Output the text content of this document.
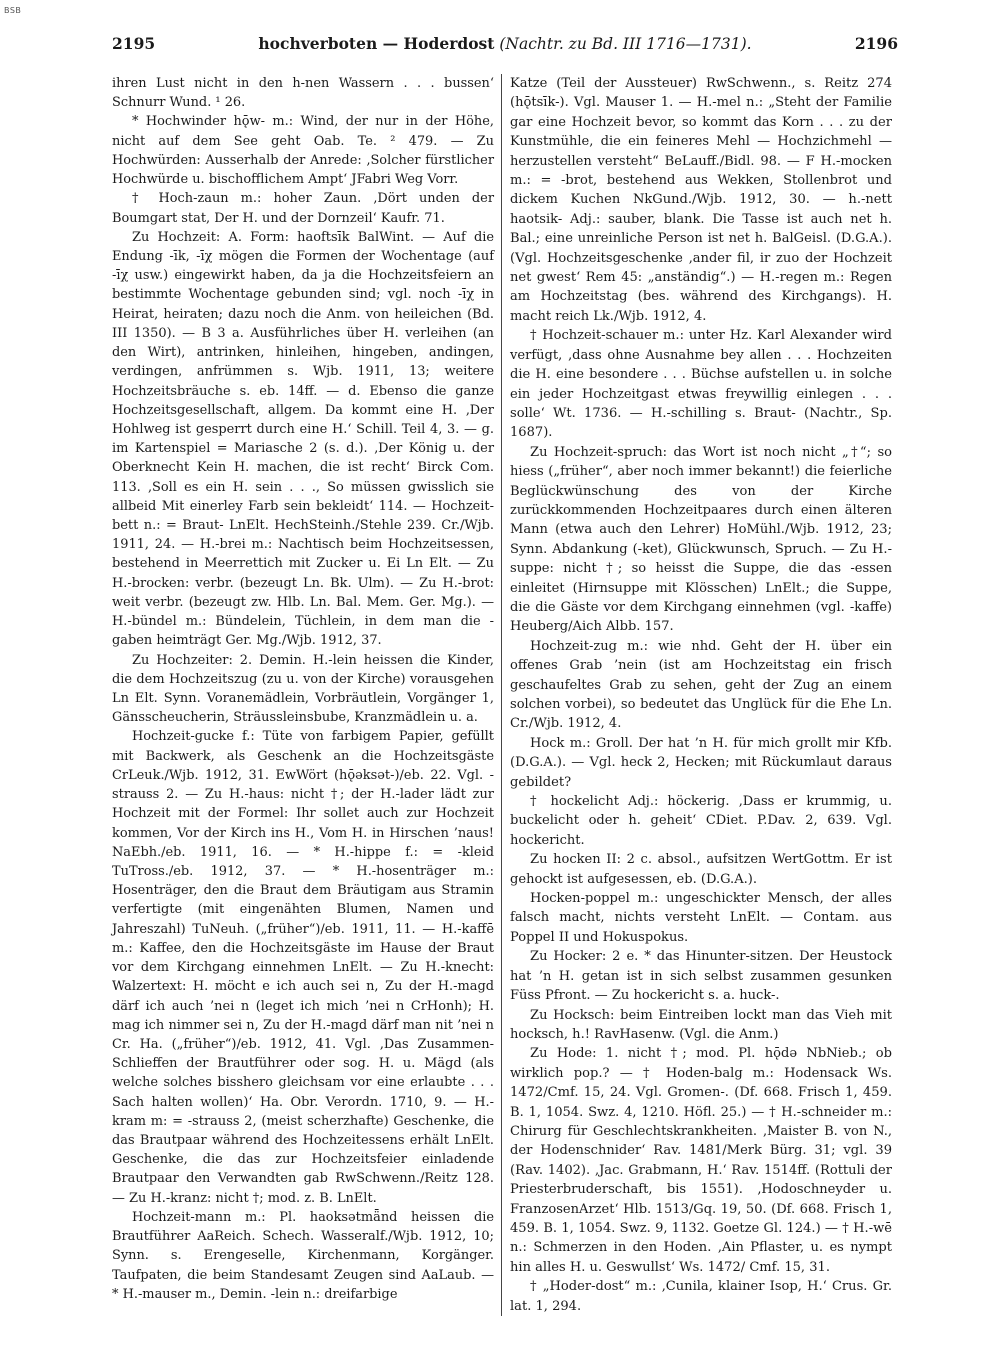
BSB
2195	hochverboten — Hoderdost (Nachtr. zu Bd. III 1716—1731).	2196

ihren Lust nicht in den h-nen Wassern . . . bussen‘ Schnurr Wund. ¹ 26.

* Hochwinder hǭw- m.: Wind, der nur in der Höhe, nicht auf dem See geht Oab. Te. ² 479. — Zu Hochwürden: Ausserhalb der Anrede: ‚Solcher fürstlicher Hochwürde u. bischofflichem Ampt‘ JFabri Weg Vorr.

† Hoch-zaun m.: hoher Zaun. ‚Dört unden der Boumgart stat, Der H. und der Dornzeil‘ Kaufr. 71.

Zu Hochzeit: A. Form: haoftsīk BalWint. — Auf die Endung -īk, -īχ mögen die Formen der Wochentage (auf -īχ usw.) eingewirkt haben, da ja die Hochzeitsfeiern an bestimmte Wochentage gebunden sind; vgl. noch -īχ in Heirat, heiraten; dazu noch die Anm. von heileichen (Bd. III 1350). — B 3 a. Ausführliches über H. verleihen (an den Wirt), antrinken, hinleihen, hingeben, andingen, verdingen, anfrümmen s. Wjb. 1911, 13; weitere Hochzeitsbräuche s. eb. 14ff. — d. Ebenso die ganze Hochzeitsgesellschaft, allgem. Da kommt eine H. ‚Der Hohlweg ist gesperrt durch eine H.‘ Schill. Teil 4, 3. — g. im Kartenspiel = Mariasche 2 (s. d.). ‚Der König u. der Oberknecht Kein H. machen, die ist recht‘ Birck Com. 113. ‚Soll es ein H. sein . . ., So müssen gwisslich sie allbeid Mit einerley Farb sein bekleidt‘ 114. — Hochzeit-bett n.: = Braut- LnElt. HechSteinh./Stehle 239. Cr./Wjb. 1911, 24. — H.-brei m.: Nachtisch beim Hochzeitsessen, bestehend in Meerrettich mit Zucker u. Ei Ln Elt. — Zu H.-brocken: verbr. (bezeugt Ln. Bk. Ulm). — Zu H.-brot: weit verbr. (bezeugt zw. Hlb. Ln. Bal. Mem. Ger. Mg.). — H.-bündel m.: Bündelein, Tüchlein, in dem man die -gaben heimträgt Ger. Mg./Wjb. 1912, 37.

Zu Hochzeiter: 2. Demin. H.-lein heissen die Kinder, die dem Hochzeitszug (zu u. von der Kirche) vorausgehen Ln Elt. Synn. Voranemädlein, Vorbräutlein, Vorgänger 1, Gänsscheucherin, Sträussleinsbube, Kranzmädlein u. a.

Hochzeit-gucke f.: Tüte von farbigem Papier, gefüllt mit Backwerk, als Geschenk an die Hochzeitsgäste CrLeuk./Wjb. 1912, 31. EwWört (hǭəksət-)/eb. 22. Vgl. -strauss 2. — Zu H.-haus: nicht †; der H.-lader lädt zur Hochzeit mit der Formel: Ihr sollet auch zur Hochzeit kommen, Vor der Kirch ins H., Vom H. in Hirschen ’naus! NaEbh./eb. 1911, 16. — * H.-hippe f.: = -kleid TuTross./eb. 1912, 37. — * H.-hosenträger m.: Hosenträger, den die Braut dem Bräutigam aus Stramin verfertigte (mit eingenähten Blumen, Namen und Jahreszahl) TuNeuh. („früher“)/eb. 1911, 11. — H.-kaffē m.: Kaffee, den die Hochzeitsgäste im Hause der Braut vor dem Kirchgang einnehmen LnElt. — Zu H.-knecht: Walzertext: H. möcht e ich auch sei n, Zu der H.-magd därf ich auch ’nei n (leget ich mich ’nei n CrHonh); H. mag ich nimmer sei n, Zu der H.-magd därf man nit ’nei n Cr. Ha. („früher“)/eb. 1912, 41. Vgl. ‚Das Zusammen-Schlieffen der Brautführer oder sog. H. u. Mägd (als welche solches bisshero gleichsam vor eine erlaubte . . . Sach halten wollen)‘ Ha. Obr. Verordn. 1710, 9. — H.-kram m: = -strauss 2, (meist scherzhafte) Geschenke, die das Brautpaar während des Hochzeitessens erhält LnElt. Geschenke, die das zur Hochzeitsfeier einladende Brautpaar den Verwandten gab RwSchwenn./Reitz 128. — Zu H.-kranz: nicht †; mod. z. B. LnElt.

Hochzeit-mann m.: Pl. haoksətmǟnd heissen die Brautführer AaReich. Schech. Wasseralf./Wjb. 1912, 10; Synn. s. Erengeselle, Kirchenmann, Korgänger. Taufpaten, die beim Standesamt Zeugen sind AaLaub. — * H.-mauser m., Demin. -lein n.: dreifarbige

Katze (Teil der Aussteuer) RwSchwenn., s. Reitz 274 (hǭtsīk-). Vgl. Mauser 1. — H.-mel n.: „Steht der Familie gar eine Hochzeit bevor, so kommt das Korn . . . zu der Kunstmühle, die ein feineres Mehl — Hochzichmehl — herzustellen versteht“ BeLauff./Bidl. 98. — F H.-mocken m.: = -brot, bestehend aus Wekken, Stollenbrot und dickem Kuchen NkGund./Wjb. 1912, 30. — h.-nett haotsik- Adj.: sauber, blank. Die Tasse ist auch net h. Bal.; eine unreinliche Person ist net h. BalGeisl. (D.G.A.). (Vgl. Hochzeitsgeschenke ‚ander fil, ir zuo der Hochzeit net gwest‘ Rem 45: „anständig“.) — H.-regen m.: Regen am Hochzeitstag (bes. während des Kirchgangs). H. macht reich Lk./Wjb. 1912, 4.

† Hochzeit-schauer m.: unter Hz. Karl Alexander wird verfügt, ‚dass ohne Ausnahme bey allen . . . Hochzeiten die H. eine besondere . . . Büchse aufstellen u. in solche ein jeder Hochzeitgast etwas freywillig einlegen . . . solle‘ Wt. 1736. — H.-schilling s. Braut- (Nachtr., Sp. 1687).

Zu Hochzeit-spruch: das Wort ist noch nicht „†“; so hiess („früher“, aber noch immer bekannt!) die feierliche Beglückwünschung des von der Kirche zurückkommenden Hochzeitpaares durch einen älteren Mann (etwa auch den Lehrer) HoMühl./Wjb. 1912, 23; Synn. Abdankung (-ket), Glückwunsch, Spruch. — Zu H.-suppe: nicht †; so heisst die Suppe, die das -essen einleitet (Hirnsuppe mit Klösschen) LnElt.; die Suppe, die die Gäste vor dem Kirchgang einnehmen (vgl. -kaffe) Heuberg/Aich Albb. 157.

Hochzeit-zug m.: wie nhd. Geht der H. über ein offenes Grab ’nein (ist am Hochzeitstag ein frisch geschaufeltes Grab zu sehen, geht der Zug an einem solchen vorbei), so bedeutet das Unglück für die Ehe Ln. Cr./Wjb. 1912, 4.

Hock m.: Groll. Der hat ’n H. für mich grollt mir Kfb. (D.G.A.). — Vgl. heck 2, Hecken; mit Rückumlaut daraus gebildet?

† hockelicht Adj.: höckerig. ‚Dass er krummig, u. buckelicht oder h. geheit‘ CDiet. P.Dav. 2, 639. Vgl. hockericht.

Zu hocken II: 2 c. absol., aufsitzen WertGottm. Er ist gehockt ist aufgesessen, eb. (D.G.A.).

Hocken-poppel m.: ungeschickter Mensch, der alles falsch macht, nichts versteht LnElt. — Contam. aus Poppel II und Hokuspokus.

Zu Hocker: 2 e. * das Hinunter-sitzen. Der Heustock hat ’n H. getan ist in sich selbst zusammen gesunken Füss Pfront. — Zu hockericht s. a. huck-.

Zu Hocksch: beim Eintreiben lockt man das Vieh mit hocksch, h.! RavHasenw. (Vgl. die Anm.)

Zu Hode: 1. nicht †; mod. Pl. hǭdə NbNieb.; ob wirklich pop.? — † Hoden-balg m.: Hodensack Ws. 1472/Cmf. 15, 24. Vgl. Gromen-. (Df. 668. Frisch 1, 459. B. 1, 1054. Swz. 4, 1210. Höfl. 25.) — † H.-schneider m.: Chirurg für Geschlechtskrankheiten. ‚Maister B. von N., der Hodenschnider‘ Rav. 1481/Merk Bürg. 31; vgl. 39 (Rav. 1402). ‚Jac. Grabmann, H.‘ Rav. 1514ff. (Rottuli der Priesterbruderschaft, bis 1551). ‚Hodoschneyder u. FranzosenArzet‘ Hlb. 1513/Gq. 19, 50. (Df. 668. Frisch 1, 459. B. 1, 1054. Swz. 9, 1132. Goetze Gl. 124.) — † H.-wē n.: Schmerzen in den Hoden. ‚Ain Pflaster, u. es nympt hin alles H. u. Geswullst‘ Ws. 1472/ Cmf. 15, 31.

† „Hoder-dost“ m.: ‚Cunila, klainer Isop, H.‘ Crus. Gr. lat. 1, 294.
